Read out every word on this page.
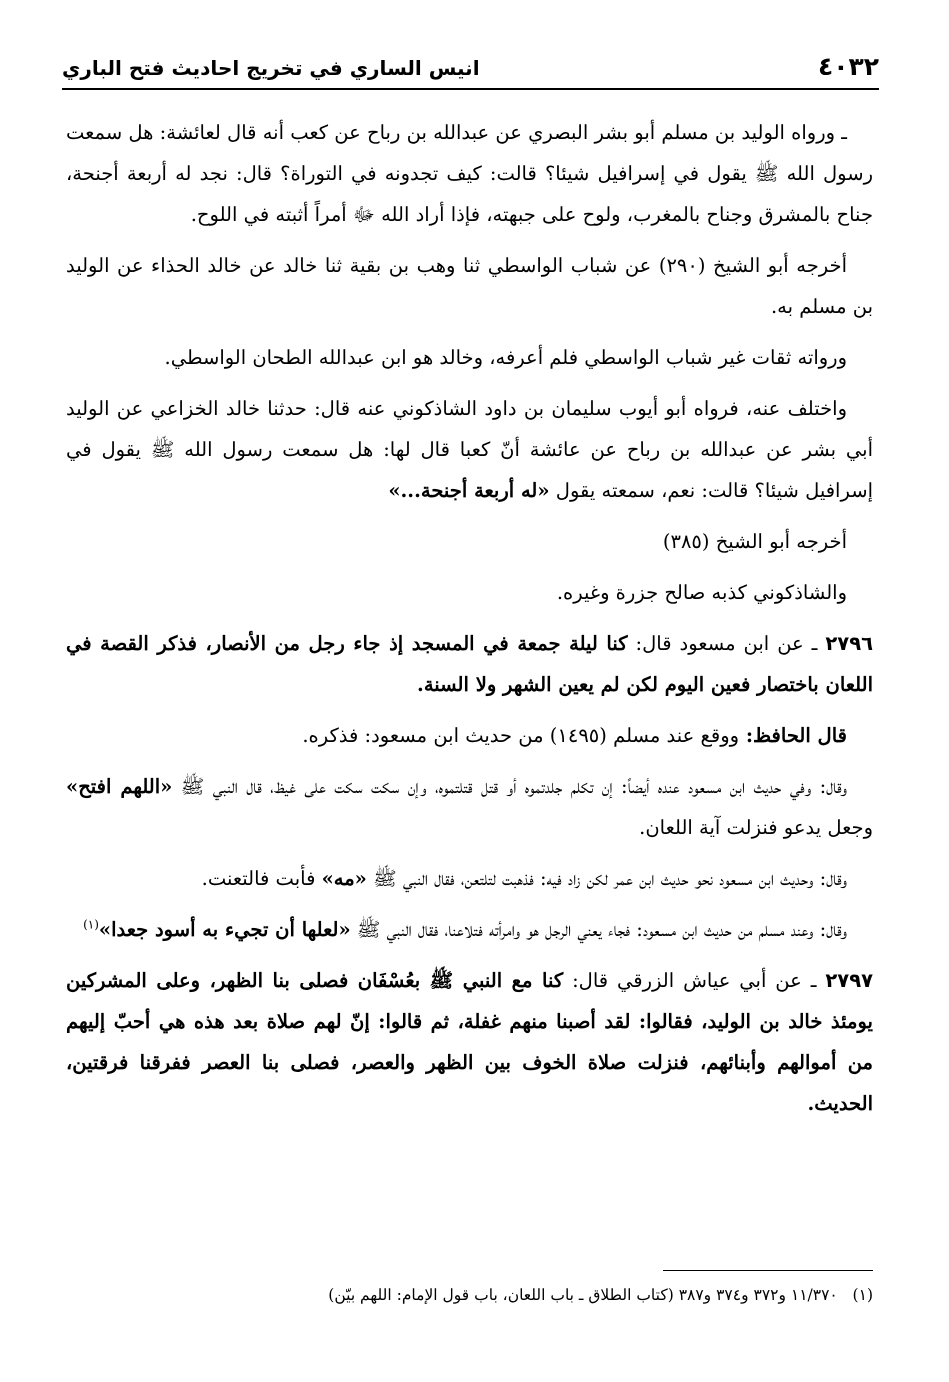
انيس الساري في تخريج احاديث فتح الباري	٤٠٣٢

ـ ورواه الوليد بن مسلم أبو بشر البصري عن عبدالله بن رباح عن كعب أنه قال لعائشة: هل سمعت رسول الله ﷺ يقول في إسرافيل شيئا؟ قالت: كيف تجدونه في التوراة؟ قال: نجد له أربعة أجنحة، جناح بالمشرق وجناح بالمغرب، ولوح على جبهته، فإذا أراد الله ﷻ أمراً أثبته في اللوح.

أخرجه أبو الشيخ (٢٩٠) عن شباب الواسطي ثنا وهب بن بقية ثنا خالد عن خالد الحذاء عن الوليد بن مسلم به.

ورواته ثقات غير شباب الواسطي فلم أعرفه، وخالد هو ابن عبدالله الطحان الواسطي.

واختلف عنه، فرواه أبو أيوب سليمان بن داود الشاذكوني عنه قال: حدثنا خالد الخزاعي عن الوليد أبي بشر عن عبدالله بن رباح عن عائشة أنّ كعبا قال لها: هل سمعت رسول الله ﷺ يقول في إسرافيل شيئا؟ قالت: نعم، سمعته يقول «له أربعة أجنحة...»

أخرجه أبو الشيخ (٣٨٥)

والشاذكوني كذبه صالح جزرة وغيره.

٢٧٩٦ ـ عن ابن مسعود قال: كنا ليلة جمعة في المسجد إذ جاء رجل من الأنصار، فذكر القصة في اللعان باختصار فعين اليوم لكن لم يعين الشهر ولا السنة.

قال الحافظ: ووقع عند مسلم (١٤٩٥) من حديث ابن مسعود: فذكره.

وقال: وفي حديث ابن مسعود عنده أيضاً: إن تكلم جلدتموه أو قتل قتلتموه، وإن سكت سكت على غيظ، قال النبي ﷺ «اللهم افتح» وجعل يدعو فنزلت آية اللعان.

وقال: وحديث ابن مسعود نحو حديث ابن عمر لكن زاد فيه: فذهبت لتلتعن، فقال النبي ﷺ «مه» فأبت فالتعنت.

وقال: وعند مسلم من حديث ابن مسعود: فجاء يعني الرجل هو وامرأته فتلاعنا، فقال النبي ﷺ «لعلها أن تجيء به أسود جعدا»$^{(١)}$

٢٧٩٧ ـ عن أبي عياش الزرقي قال: كنا مع النبي ﷺ بعُسْفَان فصلى بنا الظهر، وعلى المشركين يومئذ خالد بن الوليد، فقالوا: لقد أصبنا منهم غفلة، ثم قالوا: إنّ لهم صلاة بعد هذه هي أحبّ إليهم من أموالهم وأبنائهم، فنزلت صلاة الخوف بين الظهر والعصر، فصلى بنا العصر ففرقنا فرقتين، الحديث.

(١)   ١١/٣٧٠ و٣٧٢ و٣٧٤ و٣٨٧ (كتاب الطلاق ـ باب اللعان، باب قول الإمام: اللهم بيّن)
